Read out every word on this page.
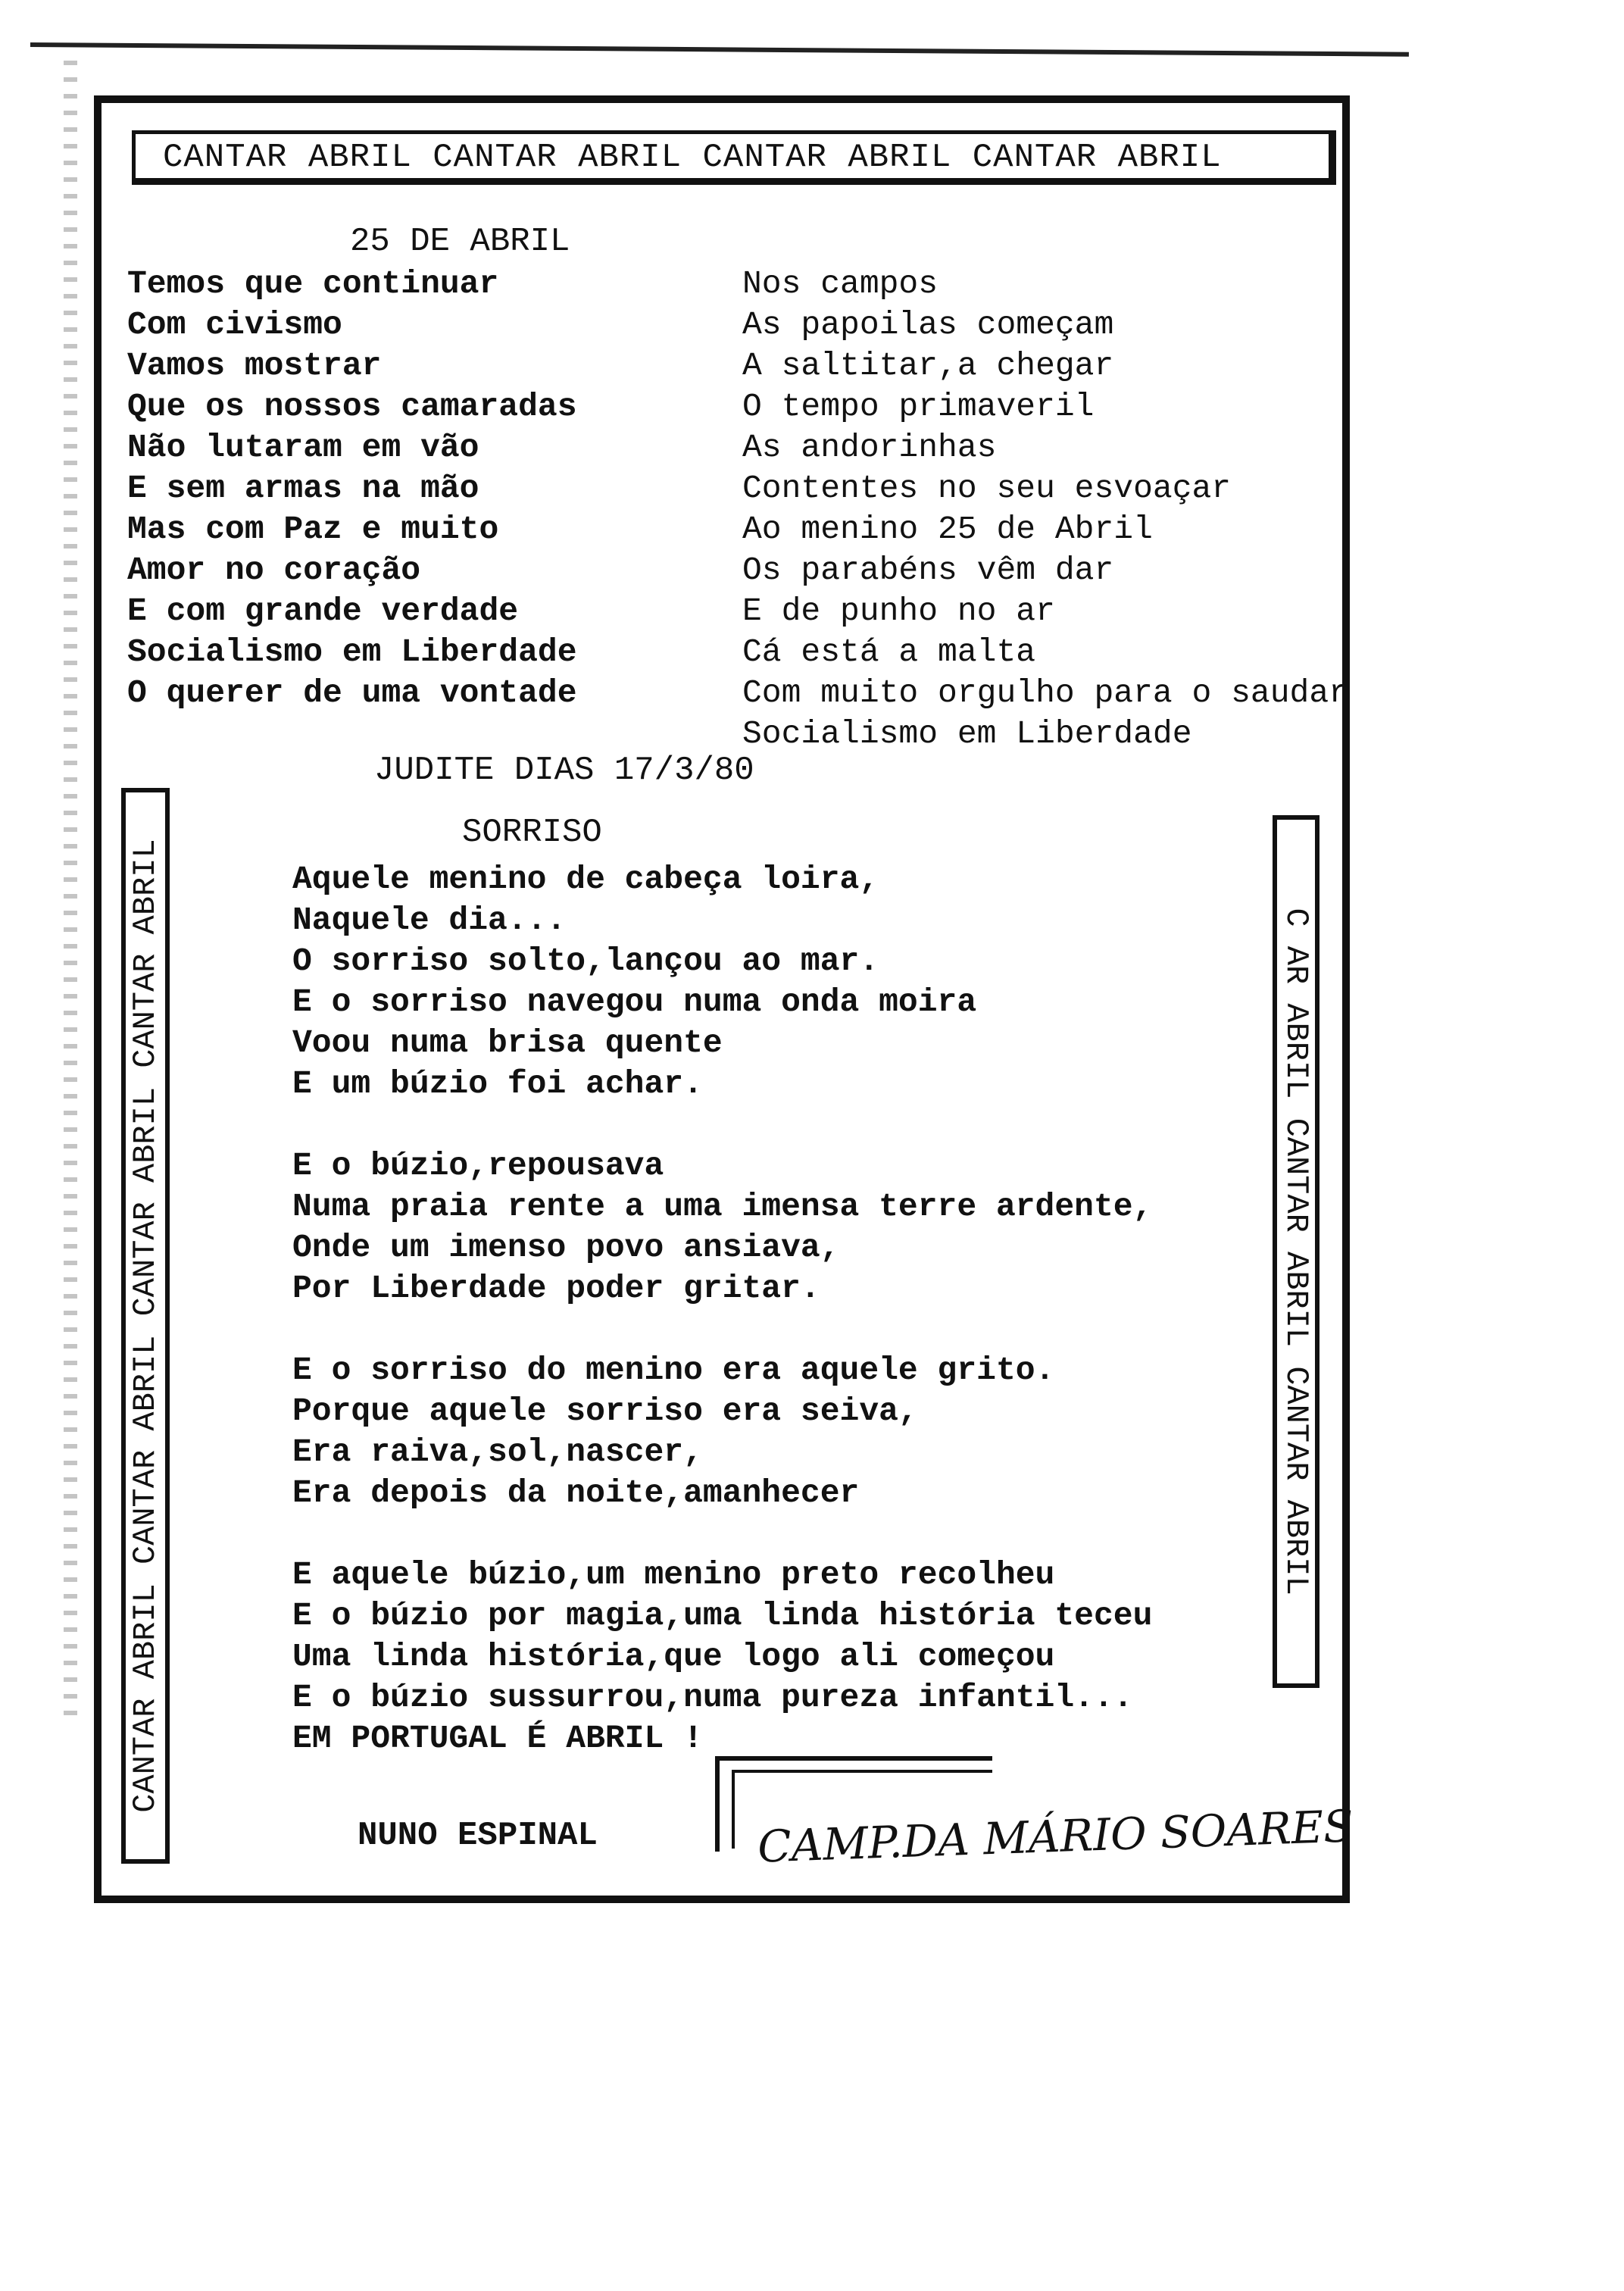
CANTAR ABRIL CANTAR ABRIL CANTAR ABRIL CANTAR ABRIL
25 DE ABRIL
Temos que continuar
Com civismo
Vamos mostrar
Que os nossos camaradas
Não lutaram em vão
E sem armas na mão
Mas com Paz e muito
Amor no coração
E com grande verdade
Socialismo em Liberdade
O querer de uma vontade
Nos campos
As papoilas começam
A saltitar,a chegar
O tempo primaveril
As andorinhas
Contentes no seu esvoaçar
Ao menino 25 de Abril
Os parabéns vêm dar
E de punho no ar
Cá está a malta
Com muito orgulho para o saudar
Socialismo em Liberdade
JUDITE DIAS 17/3/80
SORRISO
Aquele menino de cabeça loira,
Naquele dia...
O sorriso solto,lançou ao mar.
E o sorriso navegou numa onda moira
Voou numa brisa quente
E um búzio foi achar.
E o búzio,repousava
Numa praia rente a uma imensa terre ardente,
Onde um imenso povo ansiava,
Por Liberdade poder gritar.
E o sorriso do menino era aquele grito.
Porque aquele sorriso era seiva,
Era raiva,sol,nascer,
Era depois da noite,amanhecer
E aquele búzio,um menino preto recolheu
E o búzio por magia,uma linda história teceu
Uma linda história,que logo ali começou
E o búzio sussurrou,numa pureza infantil...
EM PORTUGAL É ABRIL !
NUNO ESPINAL
CANTAR ABRIL CANTAR ABRIL CANTAR ABRIL CANTAR ABRIL	C AR ABRIL CANTAR ABRIL CANTAR ABRIL
CAMP.DA MÁRIO SOARES
